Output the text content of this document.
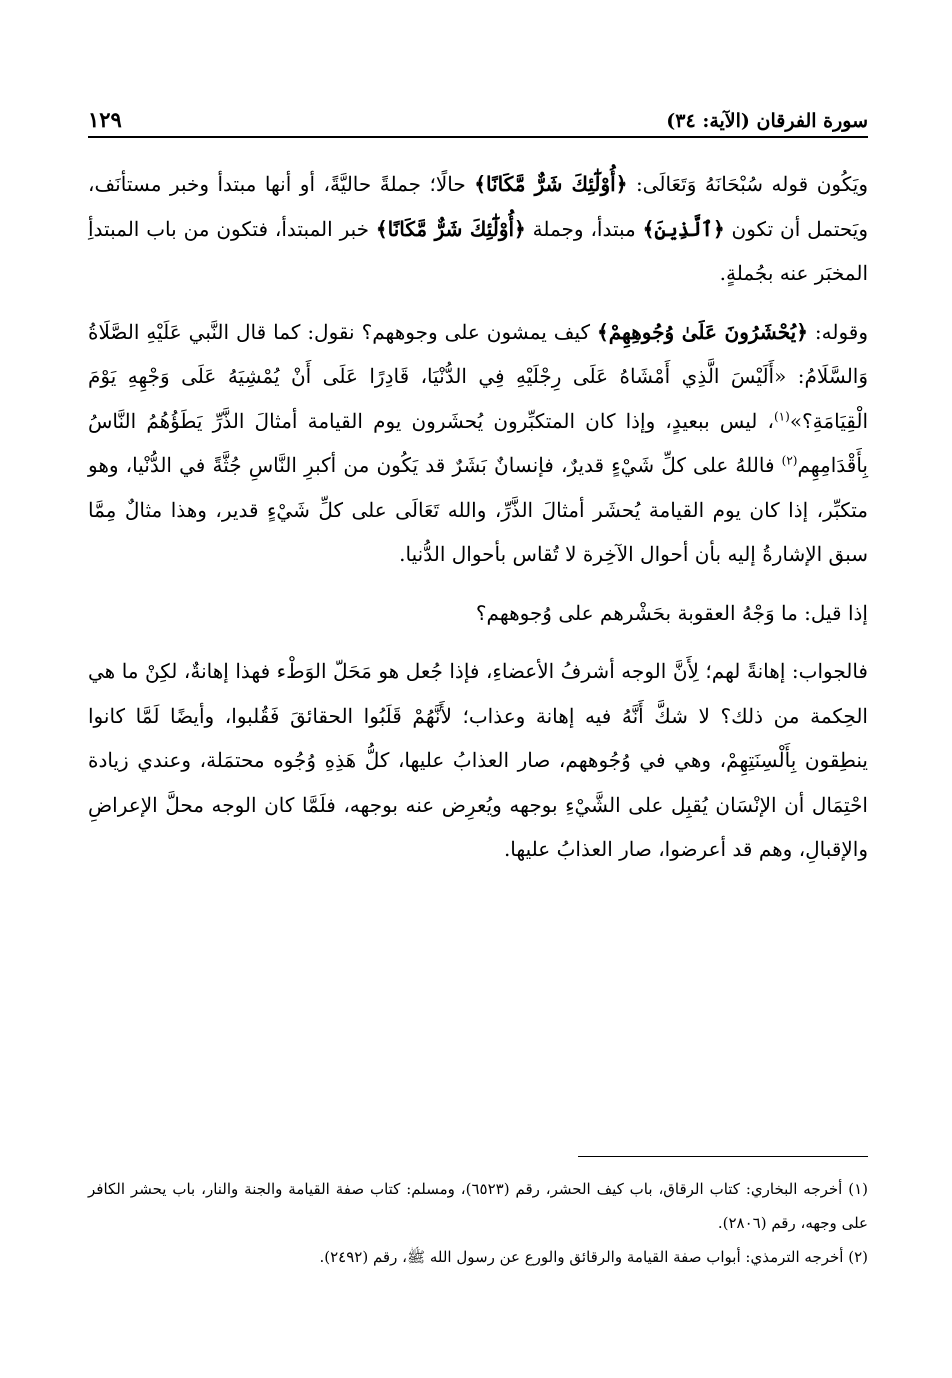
سورة الفرقان (الآية: ٣٤)
١٢٩

ويَكُون قوله سُبْحَانَهُ وَتَعَالَى: ﴿أُوْلَٰٓئِكَ شَرٌّ مَّكَانًا﴾ حالًا؛ جملةً حاليَّةً، أو أنها مبتدأ وخبر مستأنَف، ويَحتمل أن تكون ﴿ٱلَّذِينَ﴾ مبتدأ، وجملة ﴿أُوْلَٰٓئِكَ شَرٌّ مَّكَانًا﴾ خبر المبتدأ، فتكون من باب المبتدأِ المخبَر عنه بجُملةٍ.

وقوله: ﴿يُحْشَرُونَ عَلَىٰ وُجُوهِهِمْ﴾ كيف يمشون على وجوههم؟ نقول: كما قال النَّبي عَلَيْهِ الصَّلَاةُ وَالسَّلَامُ: «أَلَيْسَ الَّذِي أَمْشَاهُ عَلَى رِجْلَيْهِ فِي الدُّنْيَا، قَادِرًا عَلَى أَنْ يُمْشِيَهُ عَلَى وَجْهِهِ يَوْمَ الْقِيَامَةِ؟»$^{(١)}$، ليس ببعيدٍ، وإذا كان المتكبِّرون يُحشَرون يوم القيامة أمثالَ الذَّرِّ يَطَؤُهُمُ النَّاسُ بِأَقْدَامِهِم$^{(٢)}$ فاللهُ على كلِّ شَيْءٍ قديرٌ، فإنسانٌ بَشَرٌ قد يَكُون من أكبرِ النَّاسِ جُثَّةً في الدُّنْيا، وهو متكبِّر، إذا كان يوم القيامة يُحشَر أمثالَ الذَّرِّ، والله تَعَالَى على كلِّ شَيْءٍ قدير، وهذا مثالٌ مِمَّا سبق الإشارةُ إليه بأن أحوال الآخِرة لا تُقاس بأحوال الدُّنيا.

إذا قيل: ما وَجْهُ العقوبة بحَشْرهم على وُجوههم؟

فالجواب: إهانةً لهم؛ لِأَنَّ الوجه أشرفُ الأعضاءِ، فإذا جُعل هو مَحَلّ الوَطْء فهذا إهانةٌ، لكِنْ ما هي الحِكمة من ذلك؟ لا شكَّ أَنَّهُ فيه إهانة وعذاب؛ لأَنَّهُمْ قَلَبُوا الحقائقَ فَقُلبوا، وأيضًا لَمَّا كانوا ينطِقون بِأَلْسِنَتِهِمْ، وهي في وُجُوههم، صار العذابُ عليها، كلُّ هَذِهِ وُجُوه محتمَلة، وعندي زيادة احْتِمَال أن الإنْسَان يُقبِل على الشَّيْءِ بوجهه ويُعرِض عنه بوجهه، فلَمَّا كان الوجه محلَّ الإعراضِ والإقبالِ، وهم قد أعرضوا، صار العذابُ عليها.

(١) أخرجه البخاري: كتاب الرقاق، باب كيف الحشر، رقم (٦٥٢٣)، ومسلم: كتاب صفة القيامة والجنة والنار، باب يحشر الكافر على وجهه، رقم (٢٨٠٦).

(٢) أخرجه الترمذي: أبواب صفة القيامة والرقائق والورع عن رسول الله ﷺ، رقم (٢٤٩٢).
